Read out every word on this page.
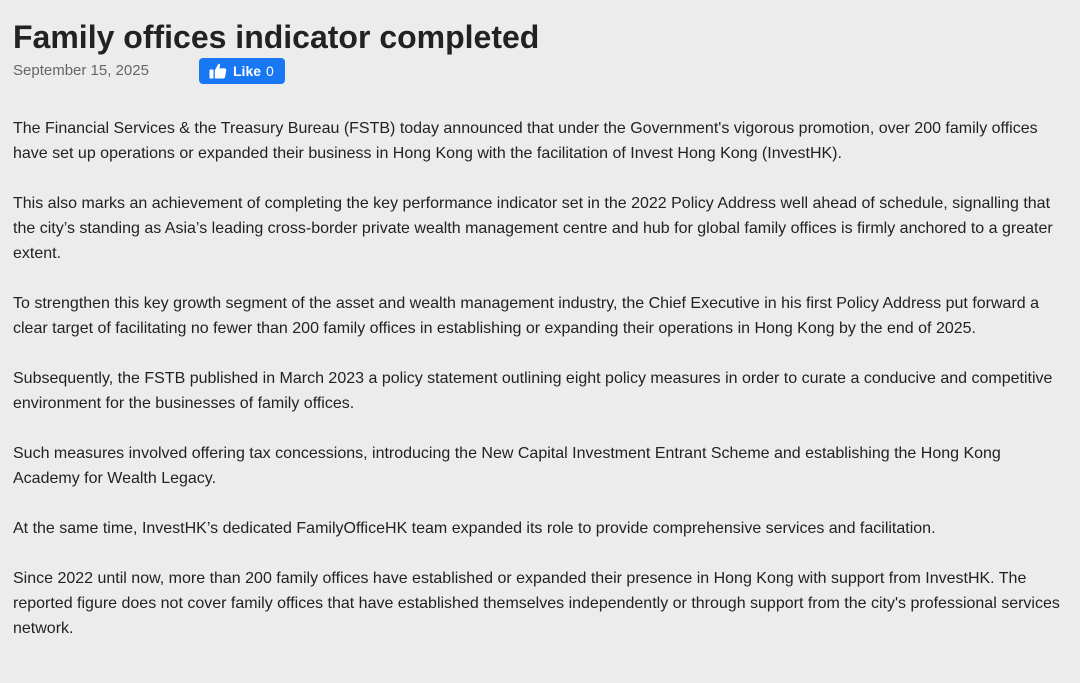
Family offices indicator completed
September 15, 2025	Like 0

The Financial Services & the Treasury Bureau (FSTB) today announced that under the Government's vigorous promotion, over 200 family offices have set up operations or expanded their business in Hong Kong with the facilitation of Invest Hong Kong (InvestHK).

This also marks an achievement of completing the key performance indicator set in the 2022 Policy Address well ahead of schedule, signalling that the city’s standing as Asia’s leading cross-border private wealth management centre and hub for global family offices is firmly anchored to a greater extent.

To strengthen this key growth segment of the asset and wealth management industry, the Chief Executive in his first Policy Address put forward a clear target of facilitating no fewer than 200 family offices in establishing or expanding their operations in Hong Kong by the end of 2025.

Subsequently, the FSTB published in March 2023 a policy statement outlining eight policy measures in order to curate a conducive and competitive environment for the businesses of family offices.

Such measures involved offering tax concessions, introducing the New Capital Investment Entrant Scheme and establishing the Hong Kong Academy for Wealth Legacy.

At the same time, InvestHK’s dedicated FamilyOfficeHK team expanded its role to provide comprehensive services and facilitation.

Since 2022 until now, more than 200 family offices have established or expanded their presence in Hong Kong with support from InvestHK. The reported figure does not cover family offices that have established themselves independently or through support from the city's professional services network.
